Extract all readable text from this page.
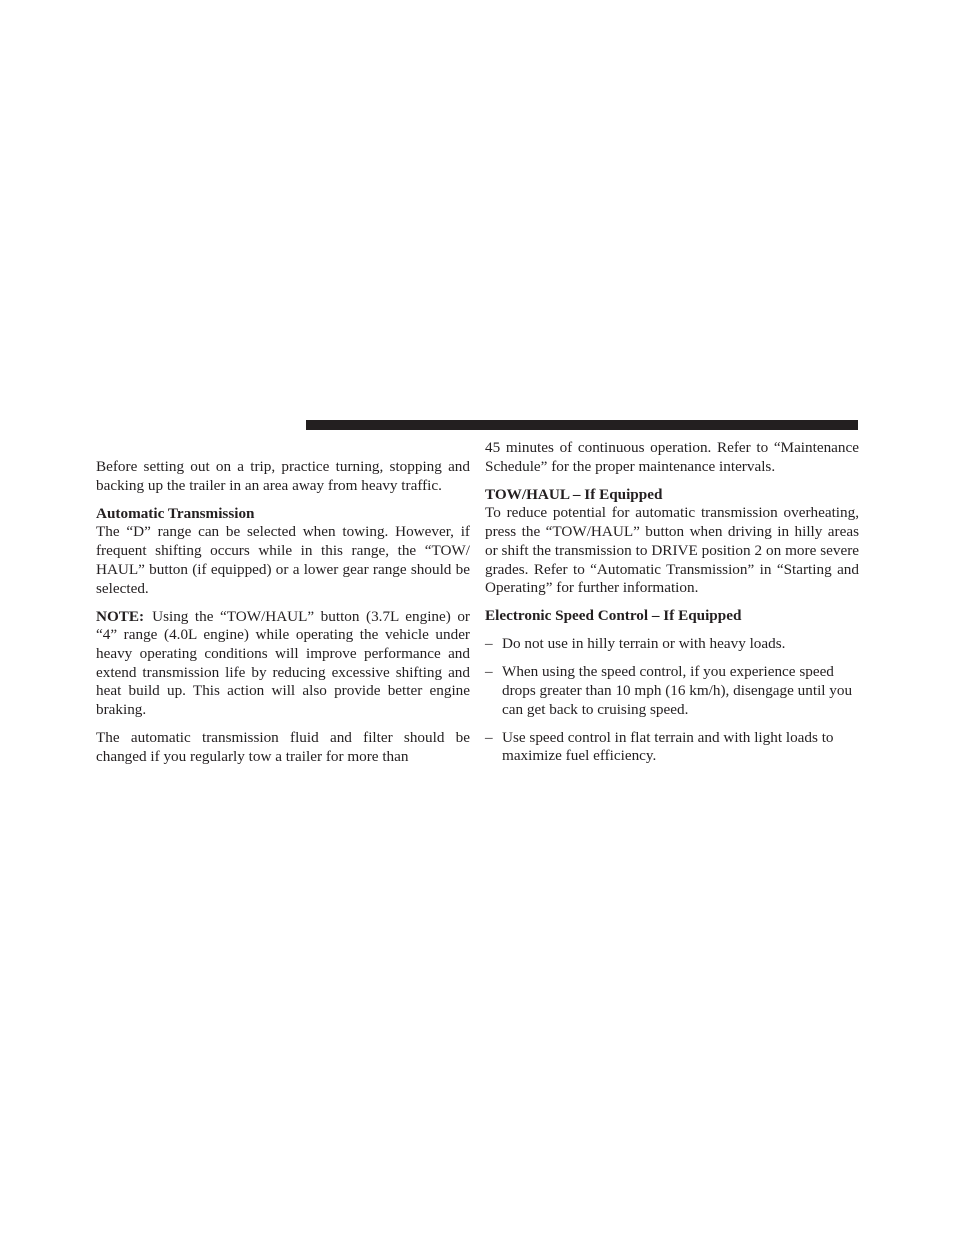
Before setting out on a trip, practice turning, stopping and backing up the trailer in an area away from heavy traffic.

Automatic Transmission

The “D” range can be selected when towing. However, if frequent shifting occurs while in this range, the “TOW/ HAUL” button (if equipped) or a lower gear range should be selected.

NOTE: Using the “TOW/HAUL” button (3.7L engine) or “4” range (4.0L engine) while operating the vehicle under heavy operating conditions will improve performance and extend transmission life by reducing excessive shifting and heat build up. This action will also provide better engine braking.

The automatic transmission fluid and filter should be changed if you regularly tow a trailer for more than

45 minutes of continuous operation. Refer to “Maintenance Schedule” for the proper maintenance intervals.

TOW/HAUL – If Equipped

To reduce potential for automatic transmission overheating, press the “TOW/HAUL” button when driving in hilly areas or shift the transmission to DRIVE position 2 on more severe grades. Refer to “Automatic Transmission” in “Starting and Operating” for further information.

Electronic Speed Control – If Equipped
– Do not use in hilly terrain or with heavy loads.
– When using the speed control, if you experience speed drops greater than 10 mph (16 km/h), disengage until you can get back to cruising speed.
– Use speed control in flat terrain and with light loads to maximize fuel efficiency.
